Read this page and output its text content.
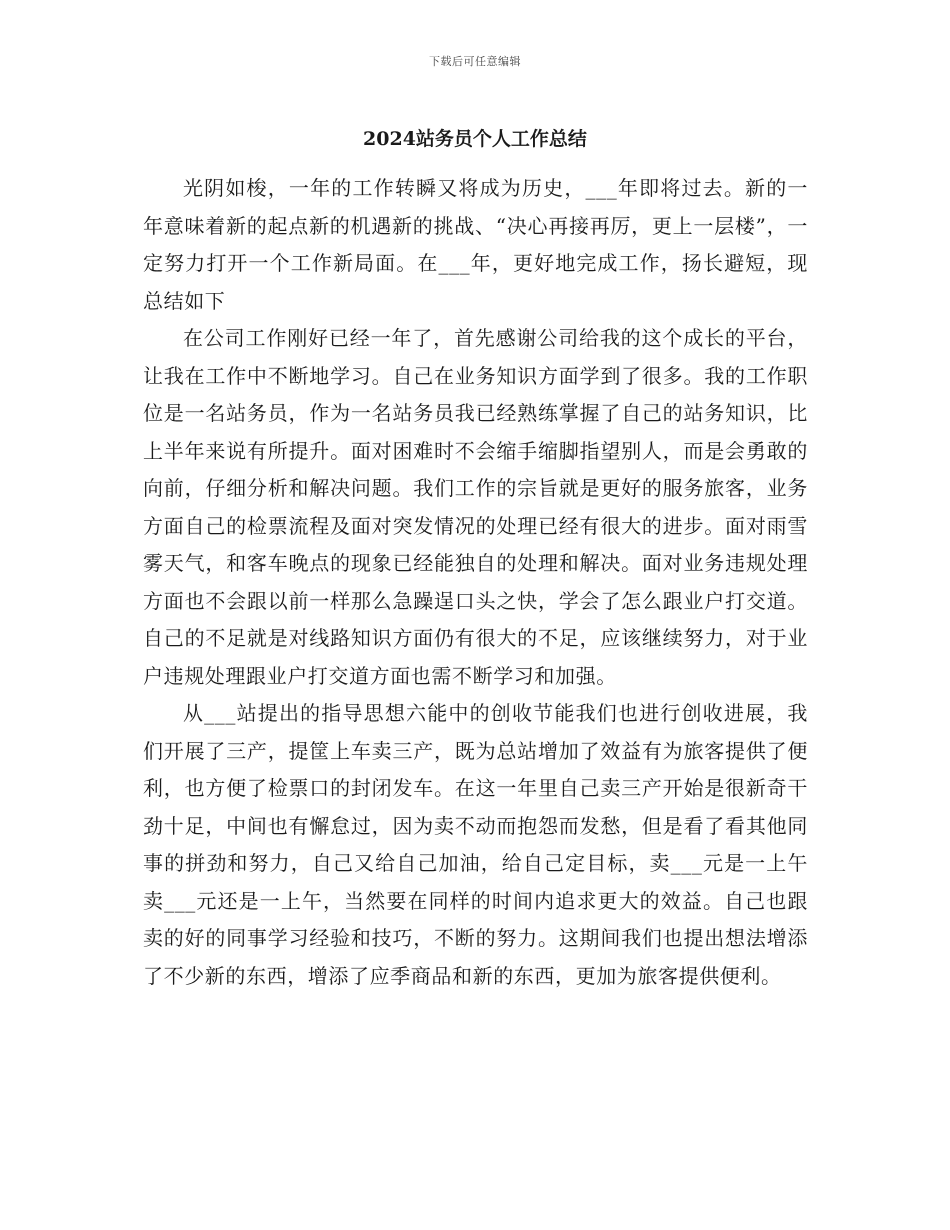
下载后可任意编辑
2024站务员个人工作总结

光阴如梭，一年的工作转瞬又将成为历史，___年即将过去。新的一年意味着新的起点新的机遇新的挑战、“决心再接再厉，更上一层楼”，一定努力打开一个工作新局面。在___年，更好地完成工作，扬长避短，现总结如下

在公司工作刚好已经一年了，首先感谢公司给我的这个成长的平台，让我在工作中不断地学习。自己在业务知识方面学到了很多。我的工作职位是一名站务员，作为一名站务员我已经熟练掌握了自己的站务知识，比上半年来说有所提升。面对困难时不会缩手缩脚指望别人，而是会勇敢的向前，仔细分析和解决问题。我们工作的宗旨就是更好的服务旅客，业务方面自己的检票流程及面对突发情况的处理已经有很大的进步。面对雨雪雾天气，和客车晚点的现象已经能独自的处理和解决。面对业务违规处理方面也不会跟以前一样那么急躁逞口头之快，学会了怎么跟业户打交道。自己的不足就是对线路知识方面仍有很大的不足，应该继续努力，对于业户违规处理跟业户打交道方面也需不断学习和加强。

从___站提出的指导思想六能中的创收节能我们也进行创收进展，我们开展了三产，提筐上车卖三产，既为总站增加了效益有为旅客提供了便利，也方便了检票口的封闭发车。在这一年里自己卖三产开始是很新奇干劲十足，中间也有懈怠过，因为卖不动而抱怨而发愁，但是看了看其他同事的拼劲和努力，自己又给自己加油，给自己定目标，卖___元是一上午卖___元还是一上午，当然要在同样的时间内追求更大的效益。自己也跟卖的好的同事学习经验和技巧，不断的努力。这期间我们也提出想法增添了不少新的东西，增添了应季商品和新的东西，更加为旅客提供便利。
